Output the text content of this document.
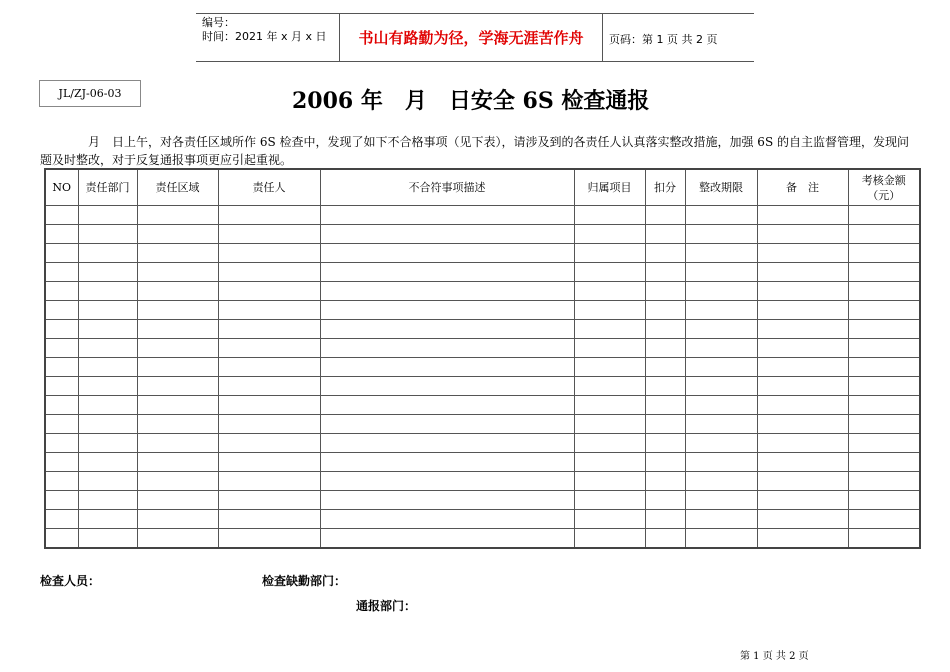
编号：
时间：2021 年 x 月 x 日	书山有路勤为径，学海无涯苦作舟	页码：第 1 页 共 2 页
JL/ZJ-06-03	2006 年　月　日安全 6S 检查通报
月　日上午，对各责任区域所作 6S 检查中，发现了如下不合格事项（见下表），请涉及到的各责任人认真落实整改措施，加强 6S 的自主监督管理，发现问题及时整改，对于反复通报事项更应引起重视。
NO	责任部门	责任区域	责任人	不合符事项描述	归属项目	扣分	整改期限	备　注	考核金额（元）

检查人员：	检查缺勤部门：
通报部门：
第 1 页 共 2 页
